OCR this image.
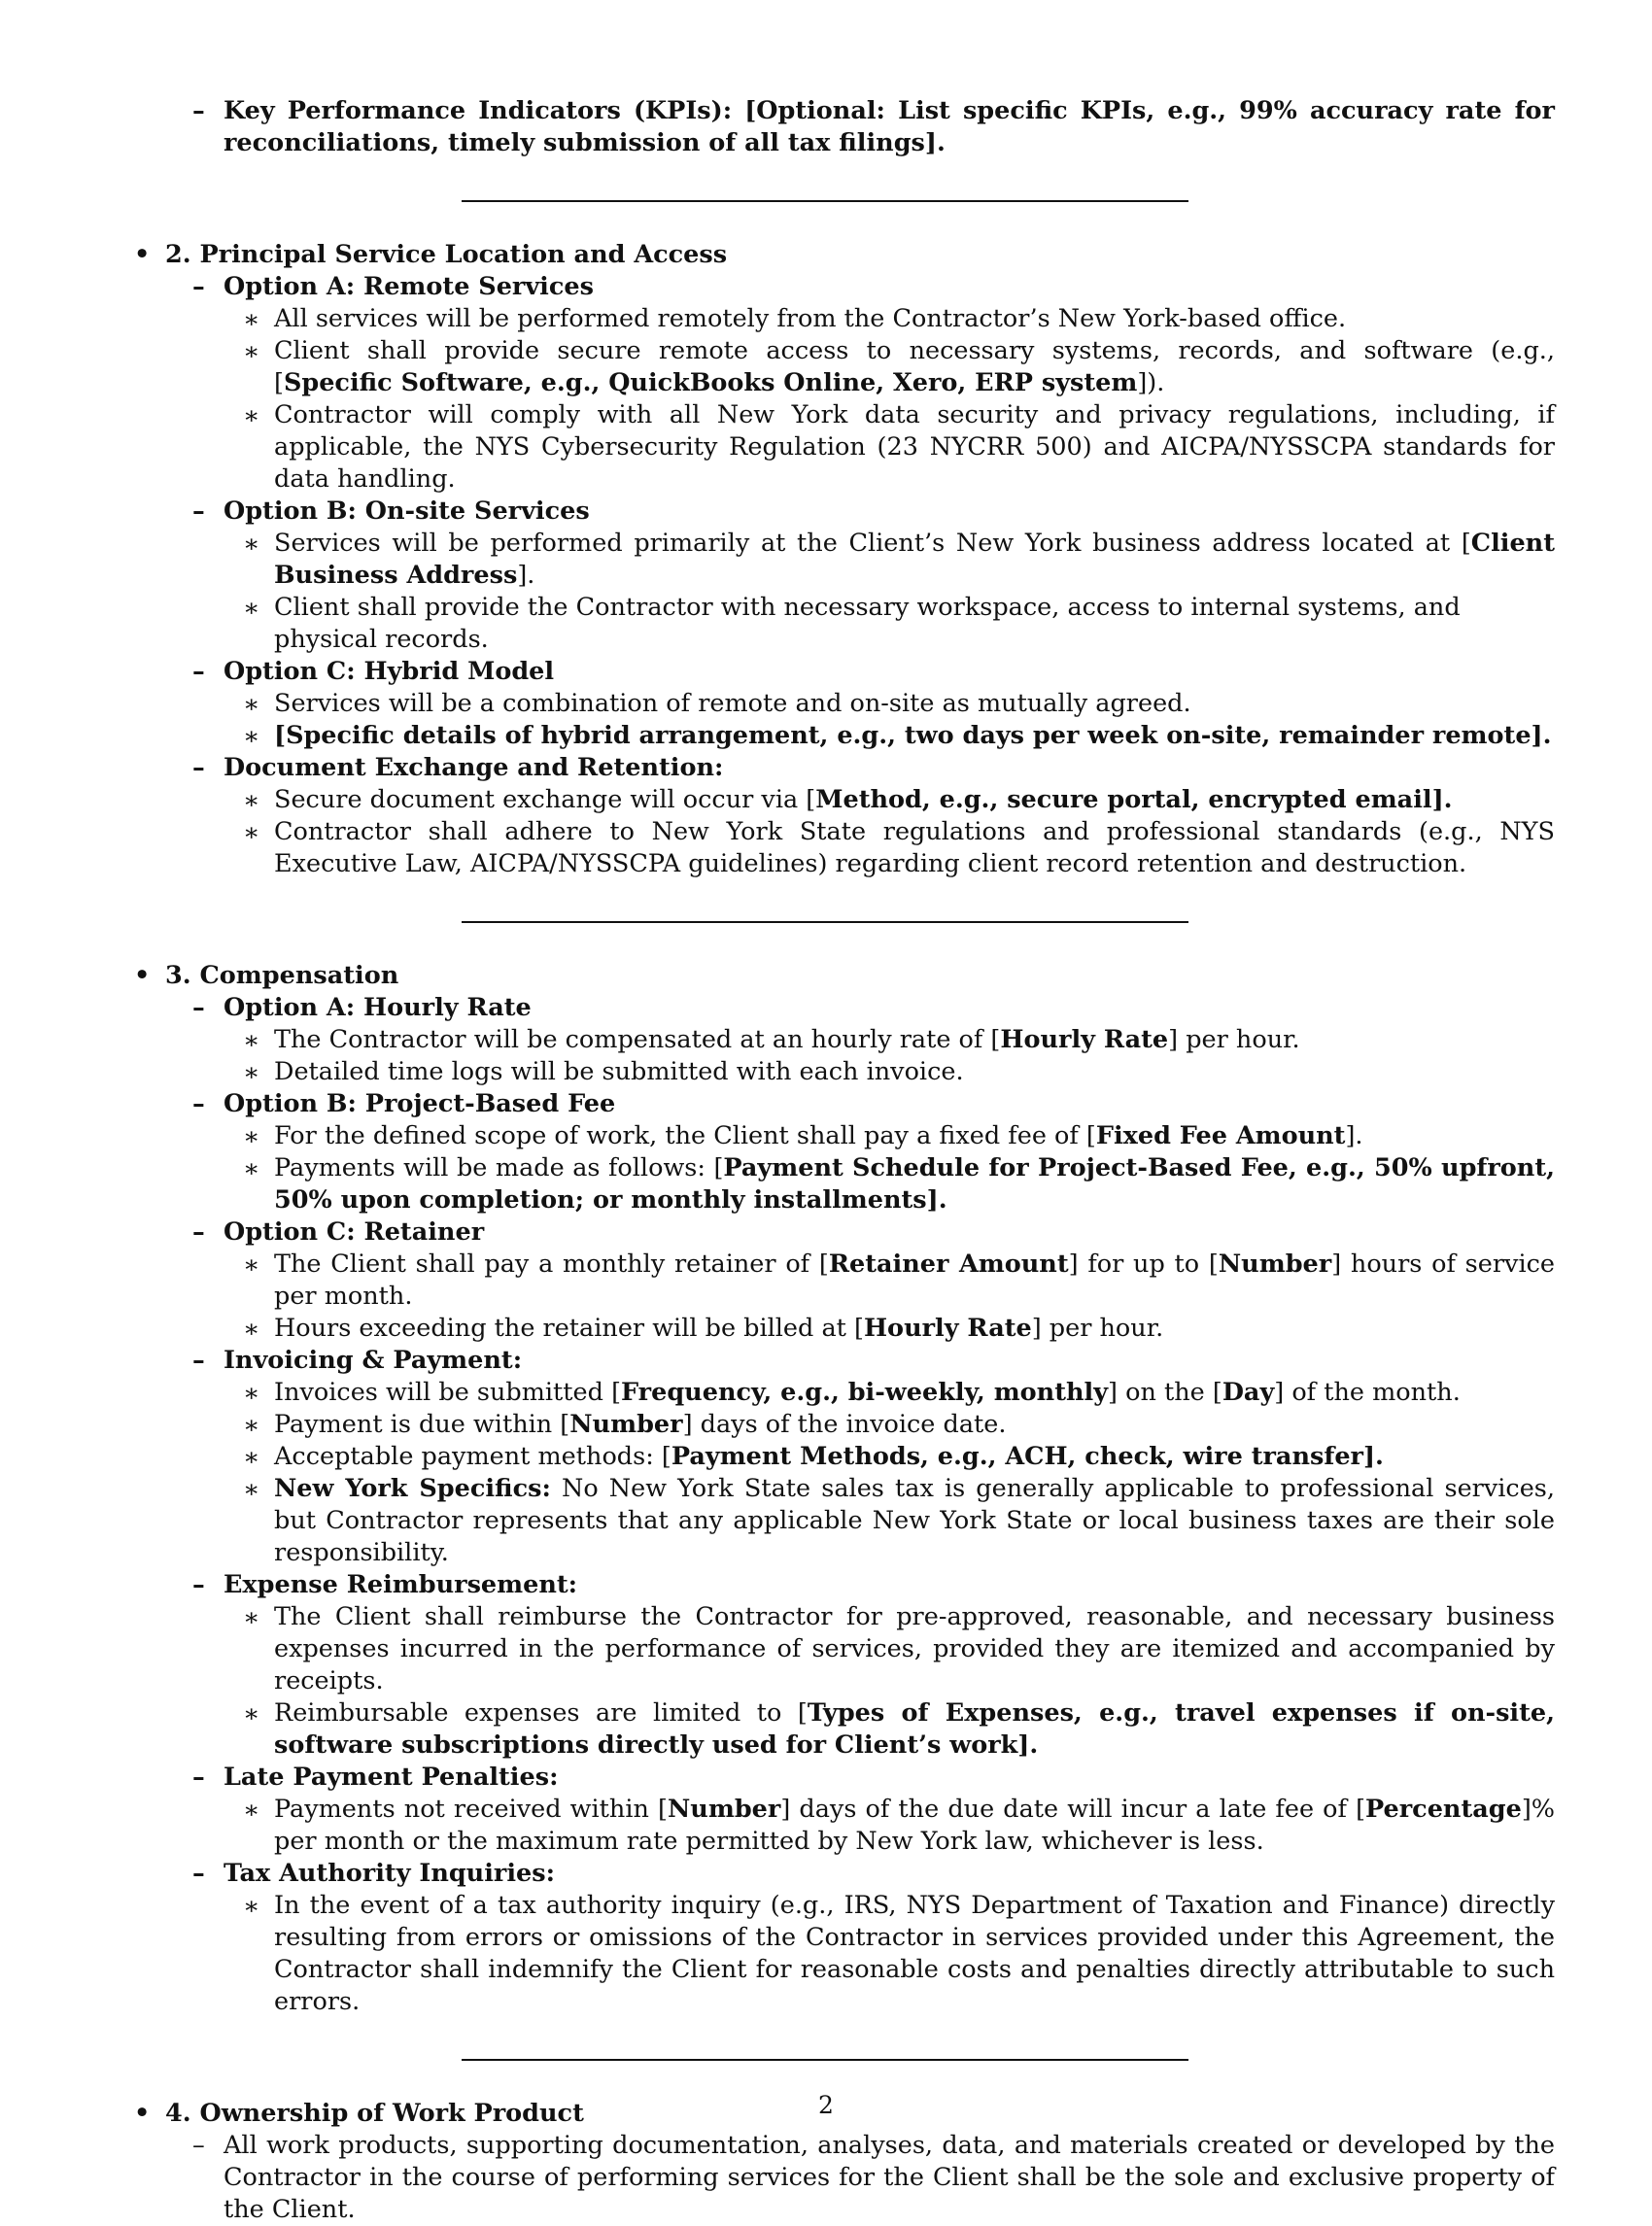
– Key Performance Indicators (KPIs): [Optional: List specific KPIs, e.g., 99% accuracy rate for reconciliations, timely submission of all tax filings].
• 2. Principal Service Location and Access
– Option A: Remote Services
∗ All services will be performed remotely from the Contractor’s New York-based office.
∗ Client shall provide secure remote access to necessary systems, records, and software (e.g., [Specific Software, e.g., QuickBooks Online, Xero, ERP system]).
∗ Contractor will comply with all New York data security and privacy regulations, including, if applicable, the NYS Cybersecurity Regulation (23 NYCRR 500) and AICPA/NYSSCPA standards for data handling.
– Option B: On-site Services
∗ Services will be performed primarily at the Client’s New York business address located at [Client Business Address].
∗ Client shall provide the Contractor with necessary workspace, access to internal systems, and physical records.
– Option C: Hybrid Model
∗ Services will be a combination of remote and on-site as mutually agreed.
∗ [Specific details of hybrid arrangement, e.g., two days per week on-site, remainder remote].
– Document Exchange and Retention:
∗ Secure document exchange will occur via [Method, e.g., secure portal, encrypted email].
∗ Contractor shall adhere to New York State regulations and professional standards (e.g., NYS Executive Law, AICPA/NYSSCPA guidelines) regarding client record retention and destruction.
• 3. Compensation
– Option A: Hourly Rate
∗ The Contractor will be compensated at an hourly rate of [Hourly Rate] per hour.
∗ Detailed time logs will be submitted with each invoice.
– Option B: Project-Based Fee
∗ For the defined scope of work, the Client shall pay a fixed fee of [Fixed Fee Amount].
∗ Payments will be made as follows: [Payment Schedule for Project-Based Fee, e.g., 50% upfront, 50% upon completion; or monthly installments].
– Option C: Retainer
∗ The Client shall pay a monthly retainer of [Retainer Amount] for up to [Number] hours of service per month.
∗ Hours exceeding the retainer will be billed at [Hourly Rate] per hour.
– Invoicing & Payment:
∗ Invoices will be submitted [Frequency, e.g., bi-weekly, monthly] on the [Day] of the month.
∗ Payment is due within [Number] days of the invoice date.
∗ Acceptable payment methods: [Payment Methods, e.g., ACH, check, wire transfer].
∗ New York Specifics: No New York State sales tax is generally applicable to professional services, but Contractor represents that any applicable New York State or local business taxes are their sole responsibility.
– Expense Reimbursement:
∗ The Client shall reimburse the Contractor for pre-approved, reasonable, and necessary business expenses incurred in the performance of services, provided they are itemized and accompanied by receipts.
∗ Reimbursable expenses are limited to [Types of Expenses, e.g., travel expenses if on-site, software subscriptions directly used for Client’s work].
– Late Payment Penalties:
∗ Payments not received within [Number] days of the due date will incur a late fee of [Percentage]% per month or the maximum rate permitted by New York law, whichever is less.
– Tax Authority Inquiries:
∗ In the event of a tax authority inquiry (e.g., IRS, NYS Department of Taxation and Finance) directly resulting from errors or omissions of the Contractor in services provided under this Agreement, the Contractor shall indemnify the Client for reasonable costs and penalties directly attributable to such errors.
• 4. Ownership of Work Product
– All work products, supporting documentation, analyses, data, and materials created or developed by the Contractor in the course of performing services for the Client shall be the sole and exclusive property of the Client.
2
